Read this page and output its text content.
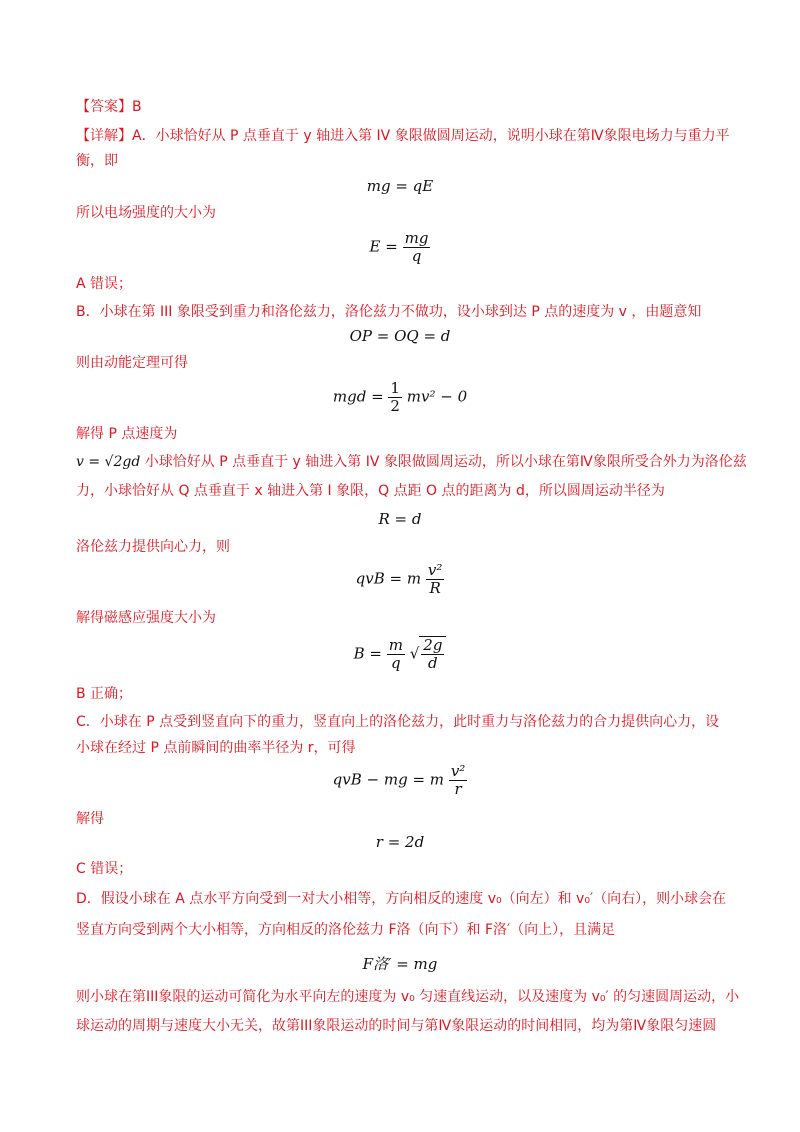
【答案】B
【详解】A．小球恰好从 P 点垂直于 y 轴进入第 IV 象限做圆周运动，说明小球在第Ⅳ象限电场力与重力平
衡，即
mg = qE
所以电场强度的大小为
$E = \frac{mg}{q}$
A 错误；
B．小球在第 III 象限受到重力和洛伦兹力，洛伦兹力不做功，设小球到达 P 点的速度为 v ，由题意知
OP = OQ = d
则由动能定理可得
mgd = $\frac{1}{2} mv^2 - 0$
解得 P 点速度为
v = √2gd 小球恰好从 P 点垂直于 y 轴进入第 IV 象限做圆周运动，所以小球在第Ⅳ象限所受合外力为洛伦兹
力，小球恰好从 Q 点垂直于 x 轴进入第 I 象限，Q 点距 O 点的距离为 d，所以圆周运动半径为
R = d
洛伦兹力提供向心力，则
qvB = m $\frac{\text{v²}}{R}$
解得磁感应强度大小为
$B = \frac{m}{q}$ √ $\frac{2g}{d}$
B 正确；
C．小球在 P 点受到竖直向下的重力，竖直向上的洛伦兹力，此时重力与洛伦兹力的合力提供向心力，设
小球在经过 P 点前瞬间的曲率半径为 r，可得
qvB − mg = m $\frac{\text{v²}}{r}$
解得
r = 2d
C 错误；
D．假设小球在 A 点水平方向受到一对大小相等，方向相反的速度 v₀（向左）和 v₀′（向右），则小球会在
竖直方向受到两个大小相等，方向相反的洛伦兹力 F洛（向下）和 F洛′（向上），且满足
F洛′ = mg
则小球在第III象限的运动可简化为水平向左的速度为 v₀ 匀速直线运动，以及速度为 v₀′ 的匀速圆周运动，小
球运动的周期与速度大小无关，故第III象限运动的时间与第Ⅳ象限运动的时间相同，均为第Ⅳ象限匀速圆
